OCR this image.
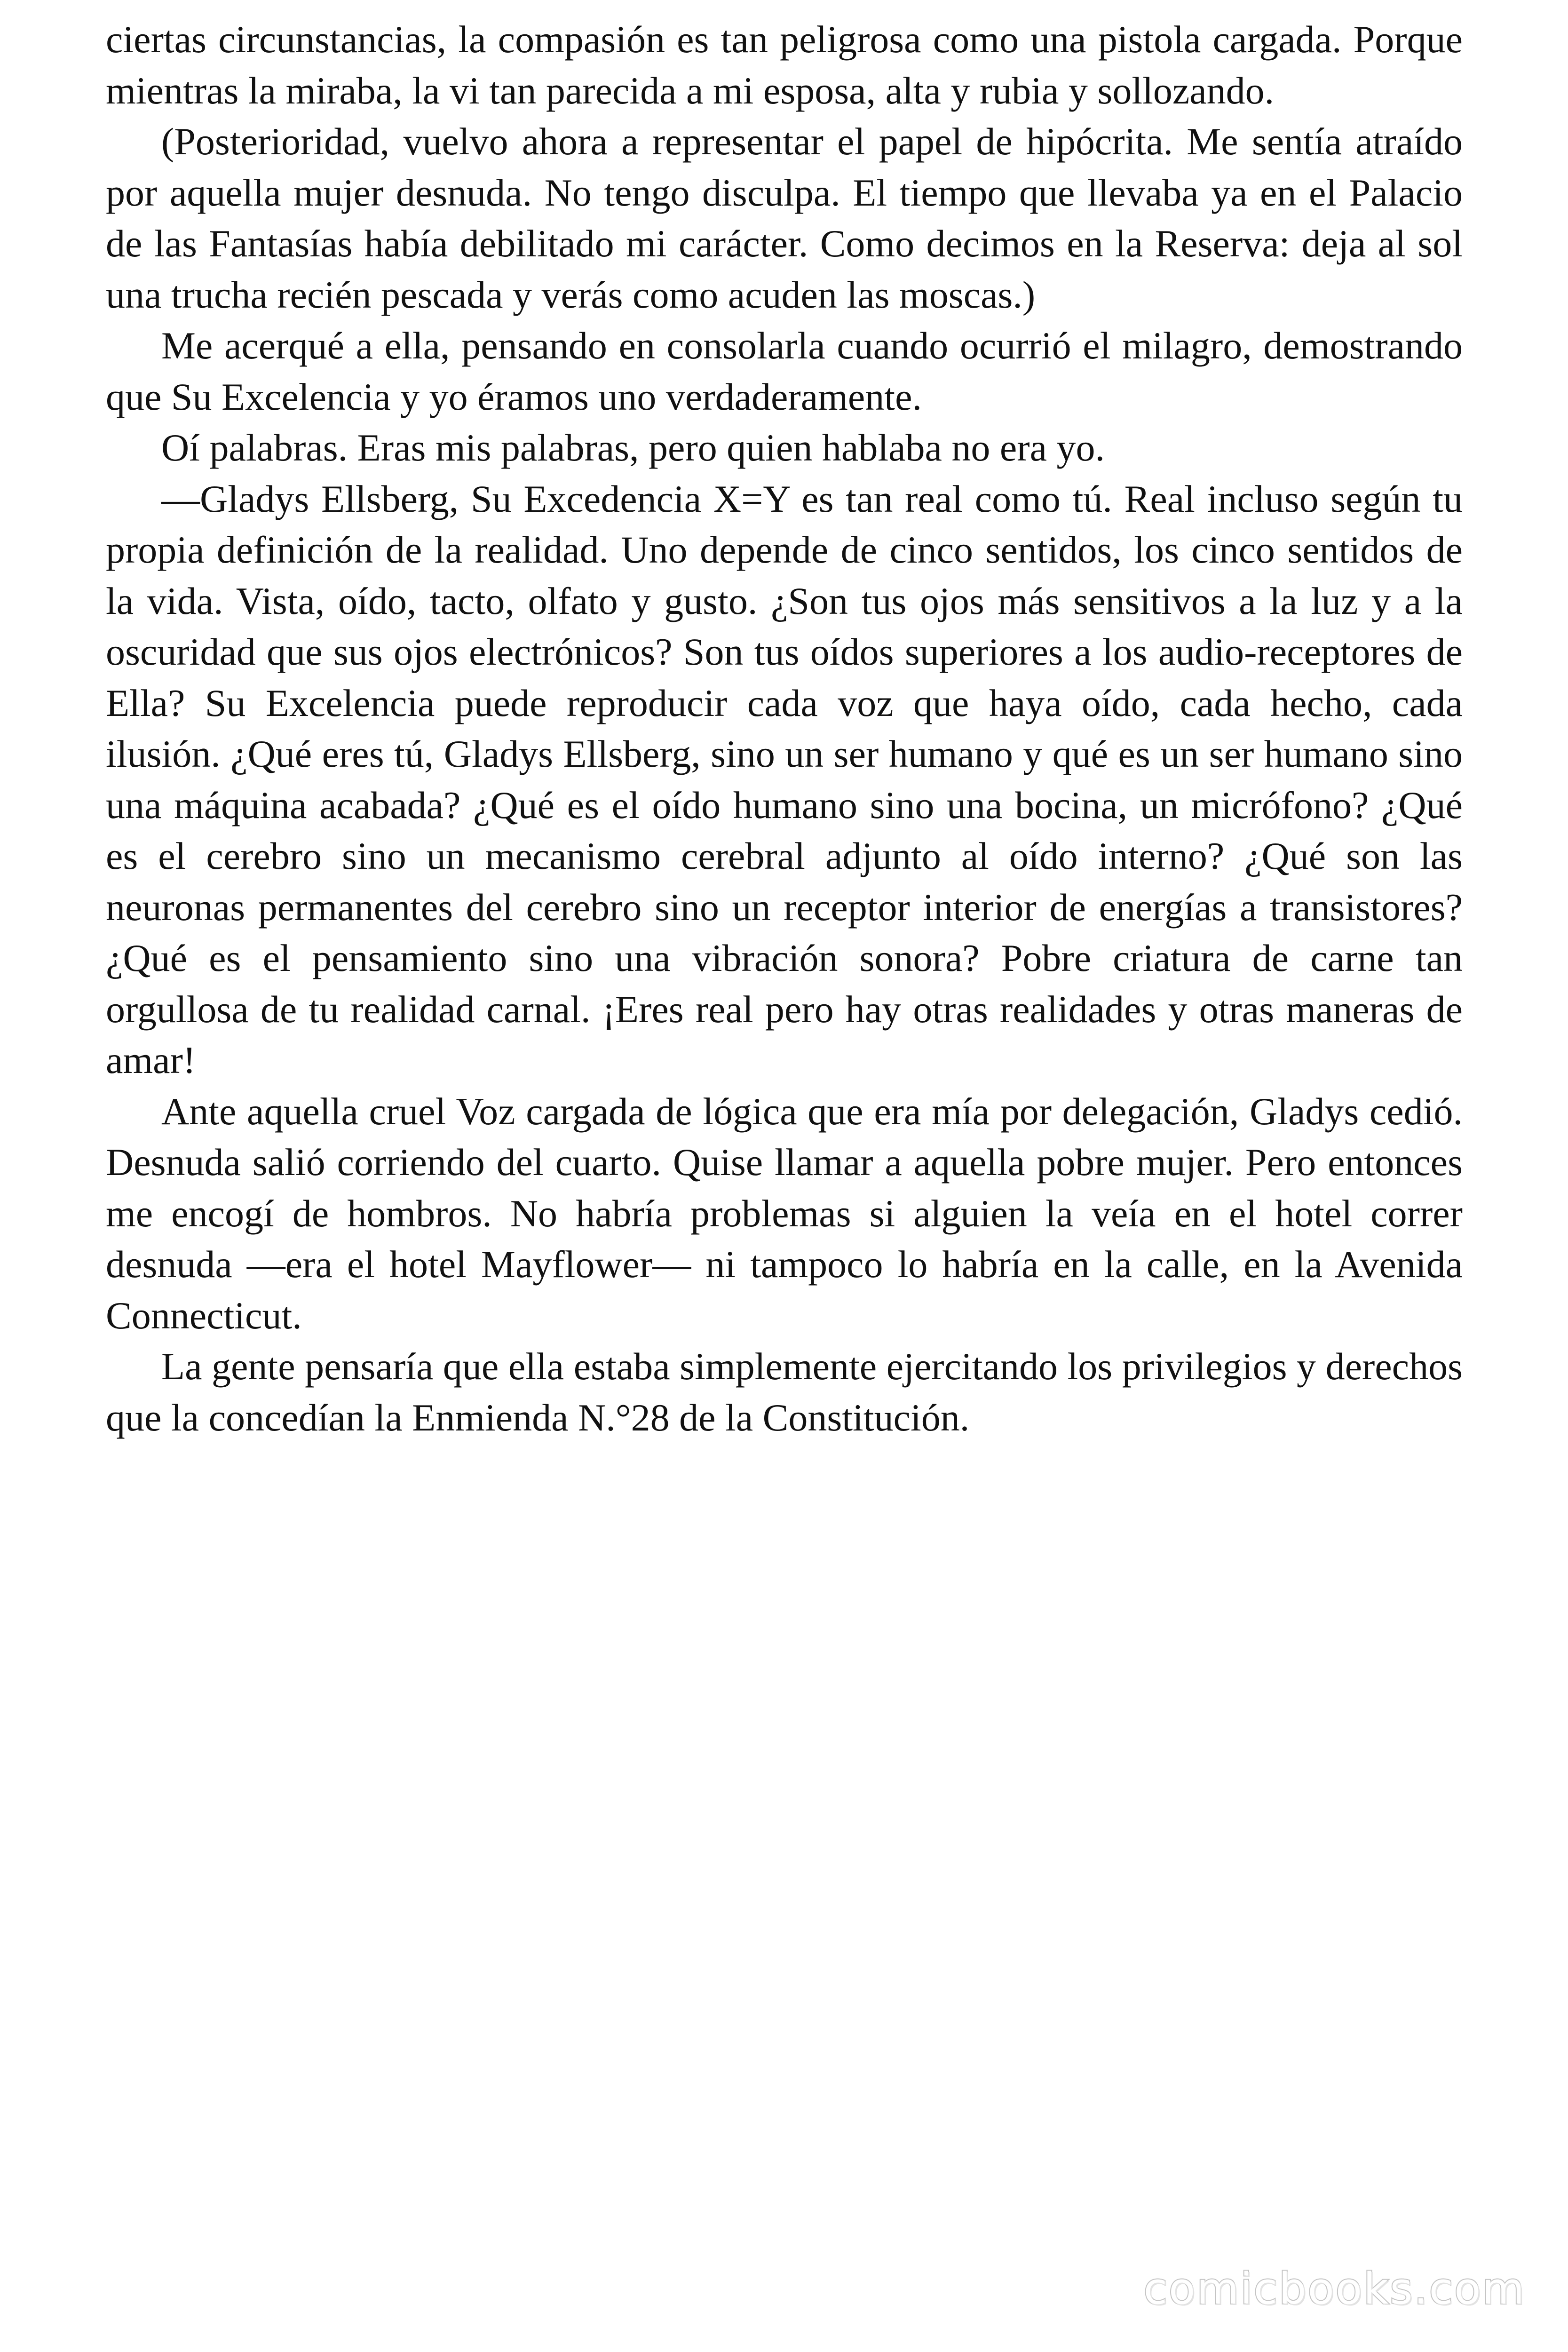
ciertas circunstancias, la compasión es tan peligrosa como una pistola cargada. Porque mientras la miraba, la vi tan parecida a mi esposa, alta y rubia y sollozando.

(Posterioridad, vuelvo ahora a representar el papel de hipócrita. Me sentía atraído por aquella mujer desnuda. No tengo disculpa. El tiempo que llevaba ya en el Palacio de las Fantasías había debilitado mi carácter. Como decimos en la Reserva: deja al sol una trucha recién pescada y verás como acuden las moscas.)

Me acerqué a ella, pensando en consolarla cuando ocurrió el milagro, demostrando que Su Excelencia y yo éramos uno verdaderamente.

Oí palabras. Eras mis palabras, pero quien hablaba no era yo.

—Gladys Ellsberg, Su Excedencia X=Y es tan real como tú. Real incluso según tu propia definición de la realidad. Uno depende de cinco sentidos, los cinco sentidos de la vida. Vista, oído, tacto, olfato y gusto. ¿Son tus ojos más sensitivos a la luz y a la oscuridad que sus ojos electrónicos? Son tus oídos superiores a los audio-receptores de Ella? Su Excelencia puede reproducir cada voz que haya oído, cada hecho, cada ilusión. ¿Qué eres tú, Gladys Ellsberg, sino un ser humano y qué es un ser humano sino una máquina acabada? ¿Qué es el oído humano sino una bocina, un micrófono? ¿Qué es el cerebro sino un mecanismo cerebral adjunto al oído interno? ¿Qué son las neuronas permanentes del cerebro sino un receptor interior de energías a transistores? ¿Qué es el pensamiento sino una vibración sonora? Pobre criatura de carne tan orgullosa de tu realidad carnal. ¡Eres real pero hay otras realidades y otras maneras de amar!

Ante aquella cruel Voz cargada de lógica que era mía por delegación, Gladys cedió. Desnuda salió corriendo del cuarto. Quise llamar a aquella pobre mujer. Pero entonces me encogí de hombros. No habría problemas si alguien la veía en el hotel correr desnuda —era el hotel Mayflower— ni tampoco lo habría en la calle, en la Avenida Connecticut.

La gente pensaría que ella estaba simplemente ejercitando los privilegios y derechos que la concedían la Enmienda N.°28 de la Constitución.

comicbooks.com
